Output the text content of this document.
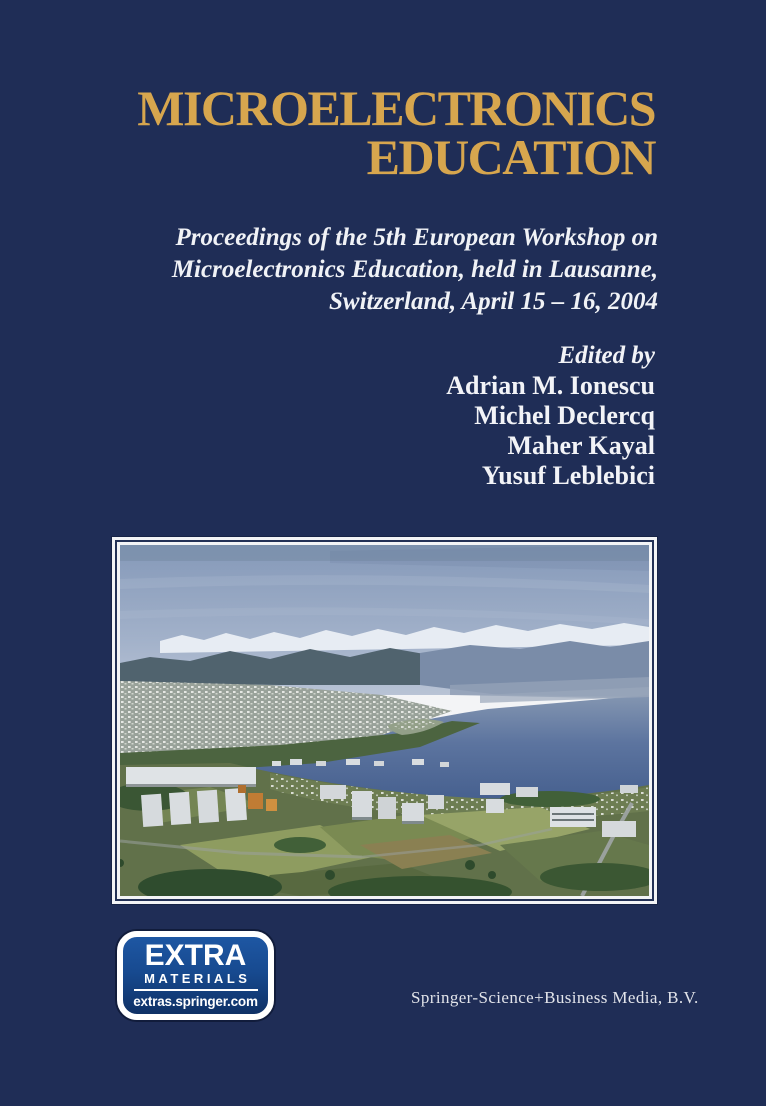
MICROELECTRONICS
EDUCATION
Proceedings of the 5th European Workshop on
Microelectronics Education, held in Lausanne,
Switzerland, April 15 – 16, 2004
Edited by
Adrian M. Ionescu
Michel Declercq
Maher Kayal
Yusuf Leblebici
EXTRA
MATERIALS
extras.springer.com	Springer-Science+Business Media, B.V.
